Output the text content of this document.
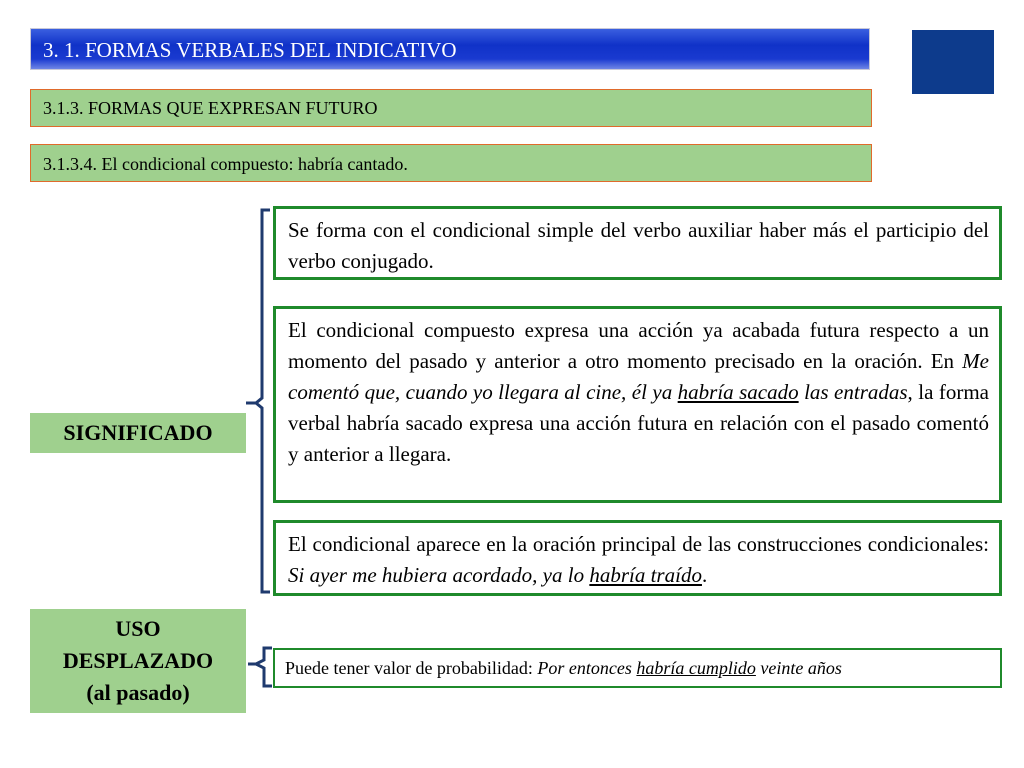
3. 1. FORMAS VERBALES DEL INDICATIVO
3.1.3. FORMAS QUE EXPRESAN FUTURO
3.1.3.4. El condicional compuesto: habría cantado.
SIGNIFICADO
USO
DESPLAZADO
(al pasado)
Se forma con el condicional simple del verbo auxiliar haber más el participio del verbo conjugado.
El condicional compuesto expresa una acción ya acabada futura respecto a un momento del pasado y anterior a otro momento precisado en la oración. En Me comentó que, cuando yo llegara al cine, él ya habría sacado las entradas, la forma verbal habría sacado expresa una acción futura en relación con el pasado comentó y anterior a llegara.
El condicional aparece en la oración principal de las construcciones condicionales: Si ayer me hubiera acordado, ya lo habría traído.
Puede tener valor de probabilidad: Por entonces habría cumplido veinte años
